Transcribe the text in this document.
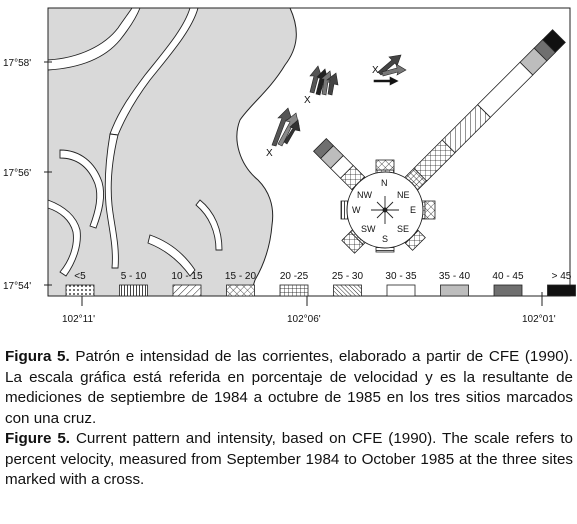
17°58'
17°56'
17°54'
102°11'	102°06'	102°01'
N
NE
E
SE
S
SW
W
NW
X
X
X
<5	5 - 10	10 - 15 15 - 20 20 -25 25 - 30 30 - 35 35 - 40 40 - 45	> 45

Figura 5. Patrón e intensidad de las corrientes, elaborado a partir de CFE (1990). La escala gráfica está referida en porcentaje de velocidad y es la resultante de mediciones de septiembre de 1984 a octubre de 1985 en los tres sitios marcados con una cruz.

Figure 5. Current pattern and intensity, based on CFE (1990). The scale refers to percent velocity, measured from September 1984 to October 1985 at the three sites marked with a cross.
